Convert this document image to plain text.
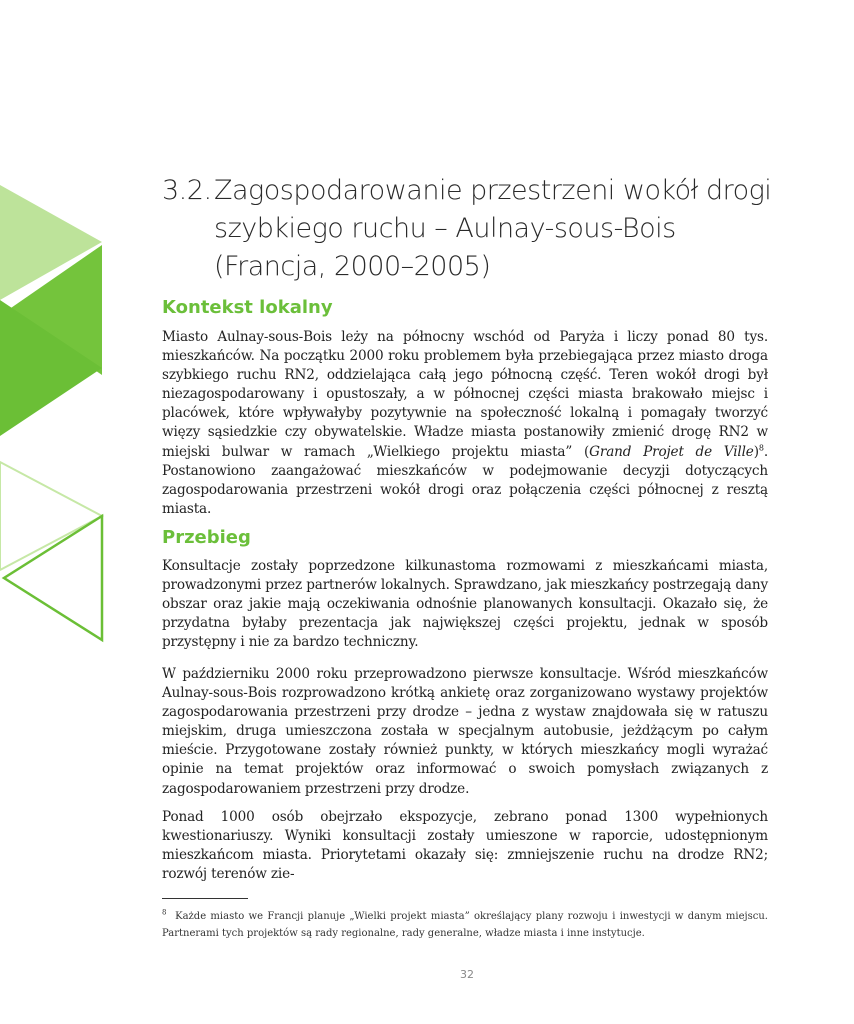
3.2. Zagospodarowanie przestrzeni wokół drogi
szybkiego ruchu – Aulnay-sous-Bois
(Francja, 2000–2005)
Kontekst lokalny

Miasto Aulnay-sous-Bois leży na północny wschód od Paryża i liczy ponad 80 tys. mieszkańców. Na początku 2000 roku problemem była przebiegająca przez miasto droga szybkiego ruchu RN2, oddzielająca całą jego północną część. Teren wokół drogi był niezagospodarowany i opustoszały, a w północnej części miasta brakowało miejsc i placówek, które wpływałyby pozytywnie na społeczność lokalną i pomagały tworzyć więzy sąsiedzkie czy obywatelskie. Władze miasta postanowiły zmienić drogę RN2 w miejski bulwar w ramach „Wielkiego projektu miasta” (Grand Projet de Ville)$^8$. Postanowiono zaangażować mieszkańców w podejmowanie decyzji dotyczących zagospodarowania przestrzeni wokół drogi oraz połączenia części północnej z resztą miasta.

Przebieg

Konsultacje zostały poprzedzone kilkunastoma rozmowami z mieszkańcami miasta, prowadzonymi przez partnerów lokalnych. Sprawdzano, jak mieszkańcy postrzegają dany obszar oraz jakie mają oczekiwania odnośnie planowanych konsultacji. Okazało się, że przydatna byłaby prezentacja jak największej części projektu, jednak w sposób przystępny i nie za bardzo techniczny.

W październiku 2000 roku przeprowadzono pierwsze konsultacje. Wśród mieszkańców Aulnay-sous-Bois rozprowadzono krótką ankietę oraz zorganizowano wystawy projektów zagospodarowania przestrzeni przy drodze – jedna z wystaw znajdowała się w ratuszu miejskim, druga umieszczona została w specjalnym autobusie, jeżdżącym po całym mieście. Przygotowane zostały również punkty, w których mieszkańcy mogli wyrażać opinie na temat projektów oraz informować o swoich pomysłach związanych z zagospodarowaniem przestrzeni przy drodze.

Ponad 1000 osób obejrzało ekspozycje, zebrano ponad 1300 wypełnionych kwestionariuszy. Wyniki konsultacji zostały umieszone w raporcie, udostępnionym mieszkańcom miasta. Priorytetami okazały się: zmniejszenie ruchu na drodze RN2; rozwój terenów zie-

$^8$ Każde miasto we Francji planuje „Wielki projekt miasta” określający plany rozwoju i inwestycji w danym miejscu. Partnerami tych projektów są rady regionalne, rady generalne, władze miasta i inne instytucje.

32
